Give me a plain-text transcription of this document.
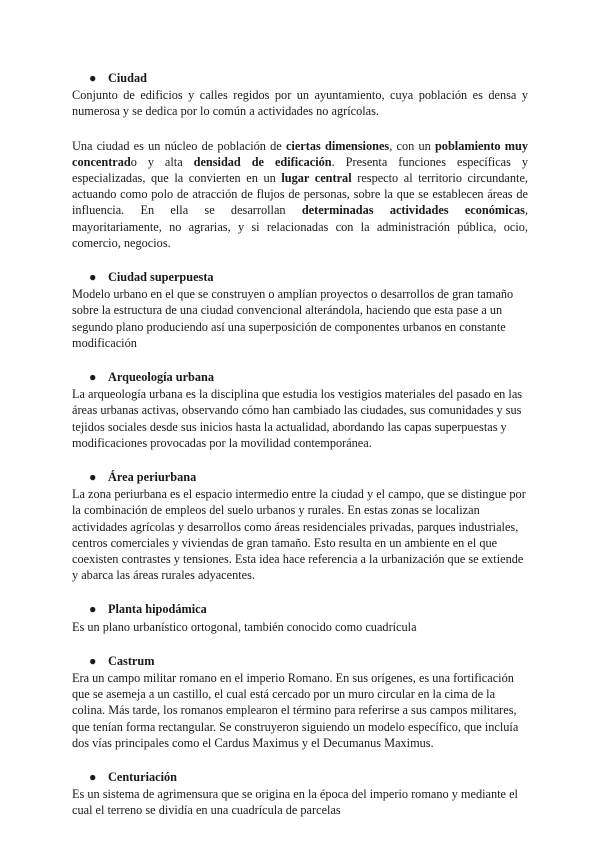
● Ciudad

Conjunto de edificios y calles regidos por un ayuntamiento, cuya población es densa y numerosa y se dedica por lo común a actividades no agrícolas.

Una ciudad es un núcleo de población de ciertas dimensiones, con un poblamiento muy concentrado y alta densidad de edificación. Presenta funciones específicas y especializadas, que la convierten en un lugar central respecto al territorio circundante, actuando como polo de atracción de flujos de personas, sobre la que se establecen áreas de influencia. En ella se desarrollan determinadas actividades económicas, mayoritariamente, no agrarias, y si relacionadas con la administración pública, ocio, comercio, negocios.

● Ciudad superpuesta

Modelo urbano en el que se construyen o amplían proyectos o desarrollos de gran tamaño sobre la estructura de una ciudad convencional alterándola, haciendo que esta pase a un segundo plano produciendo así una superposición de componentes urbanos en constante modificación

● Arqueología urbana

La arqueología urbana es la disciplina que estudia los vestigios materiales del pasado en las áreas urbanas activas, observando cómo han cambiado las ciudades, sus comunidades y sus tejidos sociales desde sus inicios hasta la actualidad, abordando las capas superpuestas y modificaciones provocadas por la movilidad contemporánea.

● Área periurbana

La zona periurbana es el espacio intermedio entre la ciudad y el campo, que se distingue por la combinación de empleos del suelo urbanos y rurales. En estas zonas se localizan actividades agrícolas y desarrollos como áreas residenciales privadas, parques industriales, centros comerciales y viviendas de gran tamaño. Esto resulta en un ambiente en el que coexisten contrastes y tensiones. Esta idea hace referencia a la urbanización que se extiende y abarca las áreas rurales adyacentes.

● Planta hipodámica

Es un plano urbanístico ortogonal, también conocido como cuadrícula

● Castrum

Era un campo militar romano en el imperio Romano. En sus orígenes, es una fortificación que se asemeja a un castillo, el cual está cercado por un muro circular en la cima de la colina. Más tarde, los romanos emplearon el término para referirse a sus campos militares, que tenían forma rectangular. Se construyeron siguiendo un modelo específico, que incluía dos vías principales como el Cardus Maximus y el Decumanus Maximus.

● Centuriación

Es un sistema de agrimensura que se origina en la época del imperio romano y mediante el cual el terreno se dividía en una cuadrícula de parcelas
